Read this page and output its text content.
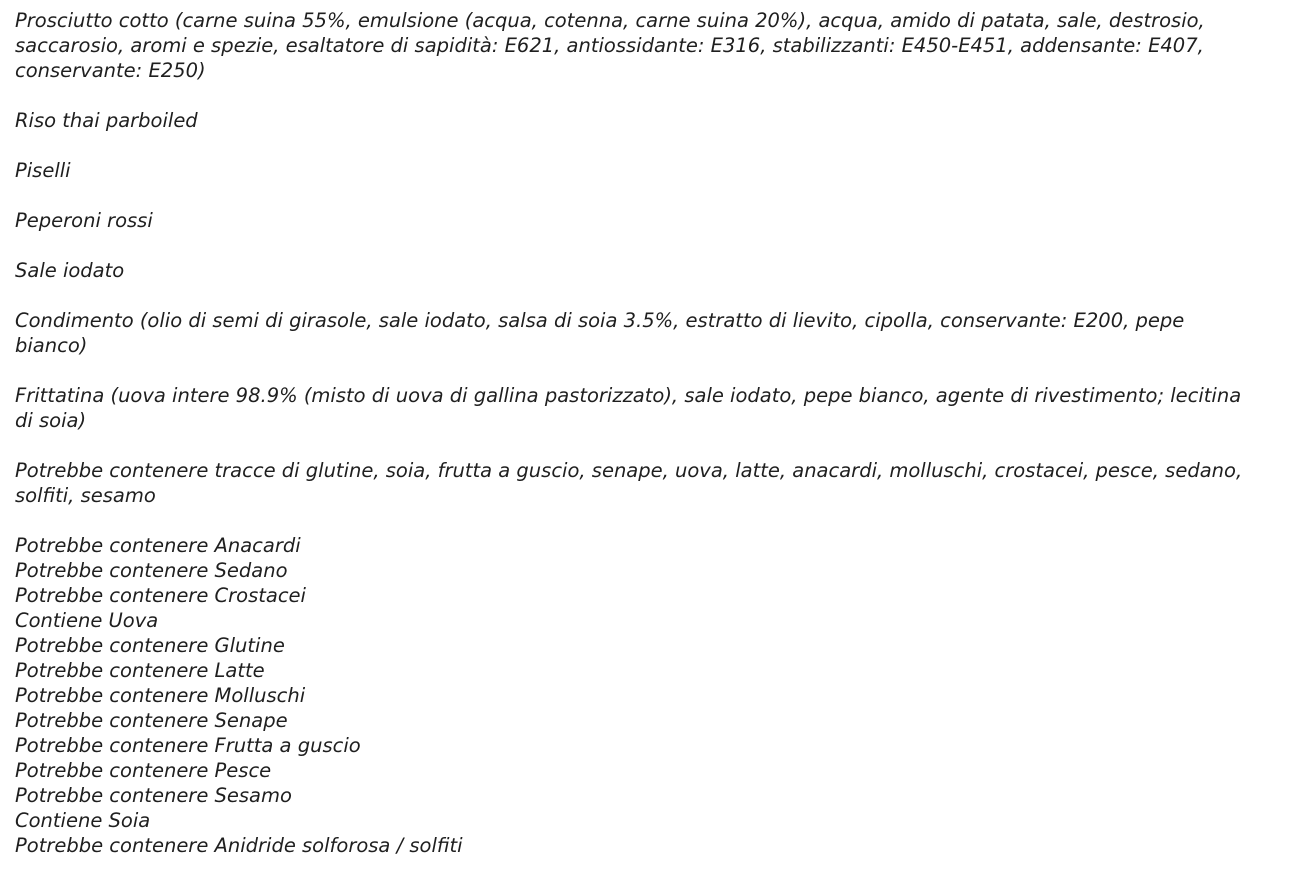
Prosciutto cotto (carne suina 55%, emulsione (acqua, cotenna, carne suina 20%), acqua, amido di patata, sale, destrosio, saccarosio, aromi e spezie, esaltatore di sapidità: E621, antiossidante: E316, stabilizzanti: E450-E451, addensante: E407, conservante: E250)

Riso thai parboiled

Piselli

Peperoni rossi

Sale iodato

Condimento (olio di semi di girasole, sale iodato, salsa di soia 3.5%, estratto di lievito, cipolla, conservante: E200, pepe bianco)

Frittatina (uova intere 98.9% (misto di uova di gallina pastorizzato), sale iodato, pepe bianco, agente di rivestimento; lecitina di soia)

Potrebbe contenere tracce di glutine, soia, frutta a guscio, senape, uova, latte, anacardi, molluschi, crostacei, pesce, sedano, solfiti, sesamo

Potrebbe contenere Anacardi
Potrebbe contenere Sedano
Potrebbe contenere Crostacei
Contiene Uova
Potrebbe contenere Glutine
Potrebbe contenere Latte
Potrebbe contenere Molluschi
Potrebbe contenere Senape
Potrebbe contenere Frutta a guscio
Potrebbe contenere Pesce
Potrebbe contenere Sesamo
Contiene Soia
Potrebbe contenere Anidride solforosa / solfiti
